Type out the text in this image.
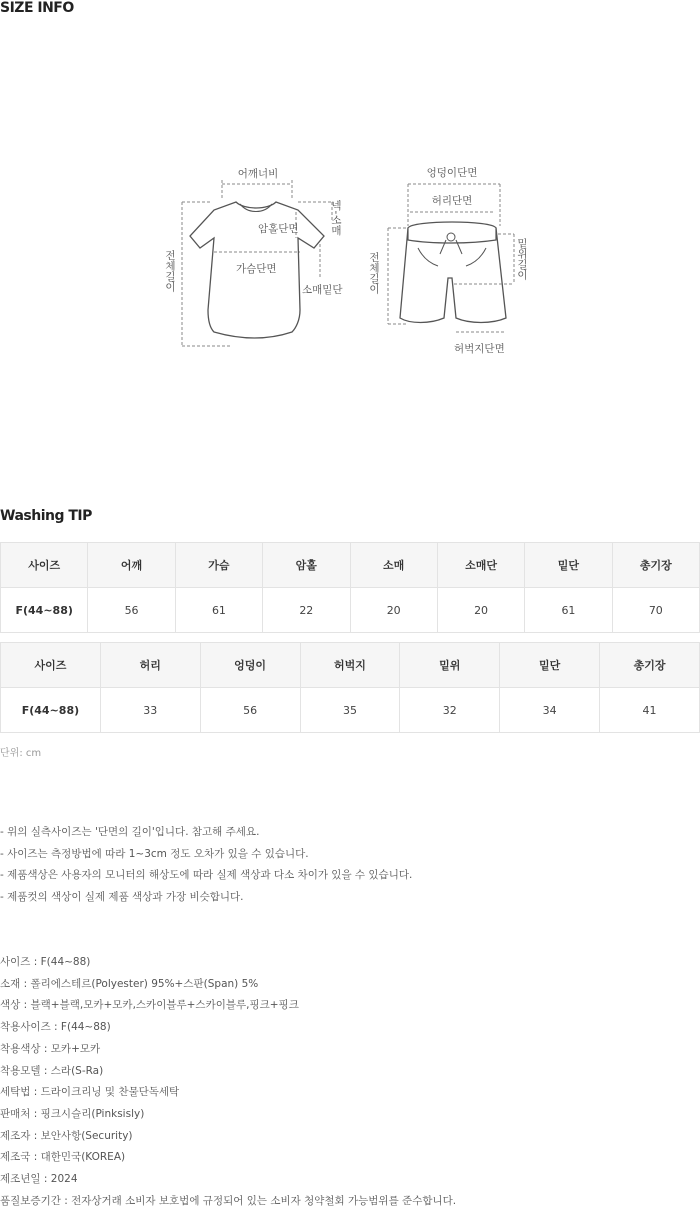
SIZE INFO
어깨너비
암홀단면
가슴단면
소매밑단
넥-소매
전체길이
엉덩이단면
허리단면
밑위길이
전체길이
허벅지단면
Washing TIP
사이즈	어깨	가슴	암홀	소매	소매단	밑단	총기장
F(44~88)	56	61	22	20	20	61	70
사이즈	허리	엉덩이	허벅지	밑위	밑단	총기장
F(44~88)	33	56	35	32	34	41
단위: cm
- 위의 실측사이즈는 '단면의 길이'입니다. 참고해 주세요.
- 사이즈는 측정방법에 따라 1~3cm 정도 오차가 있을 수 있습니다.
- 제품색상은 사용자의 모니터의 해상도에 따라 실제 색상과 다소 차이가 있을 수 있습니다.
- 제품컷의 색상이 실제 제품 색상과 가장 비슷합니다.
사이즈 : F(44~88)
소재 : 폴리에스테르(Polyester) 95%+스판(Span) 5%
색상 : 블랙+블랙,모카+모카,스카이블루+스카이블루,핑크+핑크
착용사이즈 : F(44~88)
착용색상 : 모카+모카
착용모델 : 스라(S-Ra)
세탁법 : 드라이크리닝 및 찬물단독세탁
판매처 : 핑크시슬리(Pinksisly)
제조자 : 보안사항(Security)
제조국 : 대한민국(KOREA)
제조년일 : 2024
품질보증기간 : 전자상거래 소비자 보호법에 규정되어 있는 소비자 청약철회 가능범위를 준수합니다.
